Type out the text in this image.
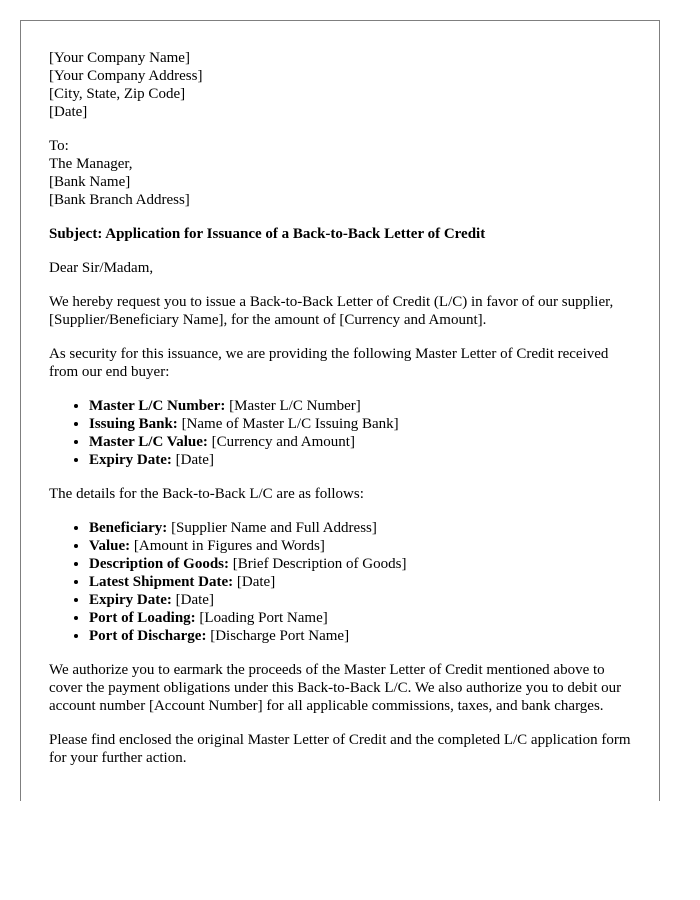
[Your Company Name]
[Your Company Address]
[City, State, Zip Code]
[Date]
To:
The Manager,
[Bank Name]
[Bank Branch Address]

Subject: Application for Issuance of a Back-to-Back Letter of Credit

Dear Sir/Madam,

We hereby request you to issue a Back-to-Back Letter of Credit (L/C) in favor of our supplier, [Supplier/Beneficiary Name], for the amount of [Currency and Amount].

As security for this issuance, we are providing the following Master Letter of Credit received from our end buyer:

• Master L/C Number: [Master L/C Number]
• Issuing Bank: [Name of Master L/C Issuing Bank]
• Master L/C Value: [Currency and Amount]
• Expiry Date: [Date]

The details for the Back-to-Back L/C are as follows:

• Beneficiary: [Supplier Name and Full Address]
• Value: [Amount in Figures and Words]
• Description of Goods: [Brief Description of Goods]
• Latest Shipment Date: [Date]
• Expiry Date: [Date]
• Port of Loading: [Loading Port Name]
• Port of Discharge: [Discharge Port Name]

We authorize you to earmark the proceeds of the Master Letter of Credit mentioned above to cover the payment obligations under this Back-to-Back L/C. We also authorize you to debit our account number [Account Number] for all applicable commissions, taxes, and bank charges.

Please find enclosed the original Master Letter of Credit and the completed L/C application form for your further action.
